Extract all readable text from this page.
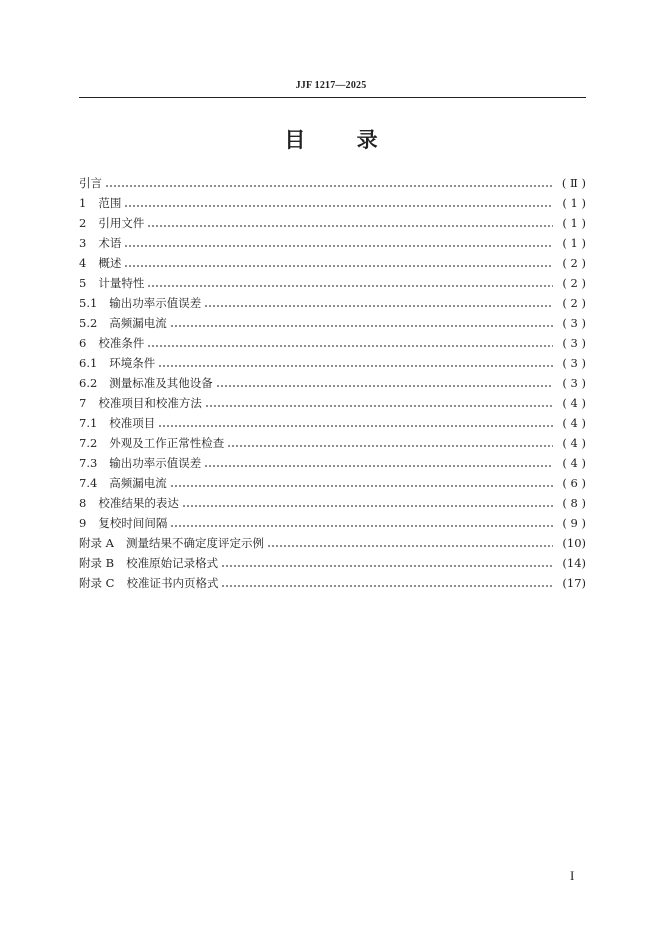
JJF 1217—2025
目 录
引言	( Ⅱ )
1 范围	( 1 )
2 引用文件	( 1 )
3 术语	( 1 )
4 概述	( 2 )
5 计量特性	( 2 )
5.1 输出功率示值误差	( 2 )
5.2 高频漏电流	( 3 )
6 校准条件	( 3 )
6.1 环境条件	( 3 )
6.2 测量标准及其他设备	( 3 )
7 校准项目和校准方法	( 4 )
7.1 校准项目	( 4 )
7.2 外观及工作正常性检查	( 4 )
7.3 输出功率示值误差	( 4 )
7.4 高频漏电流	( 6 )
8 校准结果的表达	( 8 )
9 复校时间间隔	( 9 )
附录 A 测量结果不确定度评定示例	(10)
附录 B 校准原始记录格式	(14)
附录 C 校准证书内页格式	(17)
I
